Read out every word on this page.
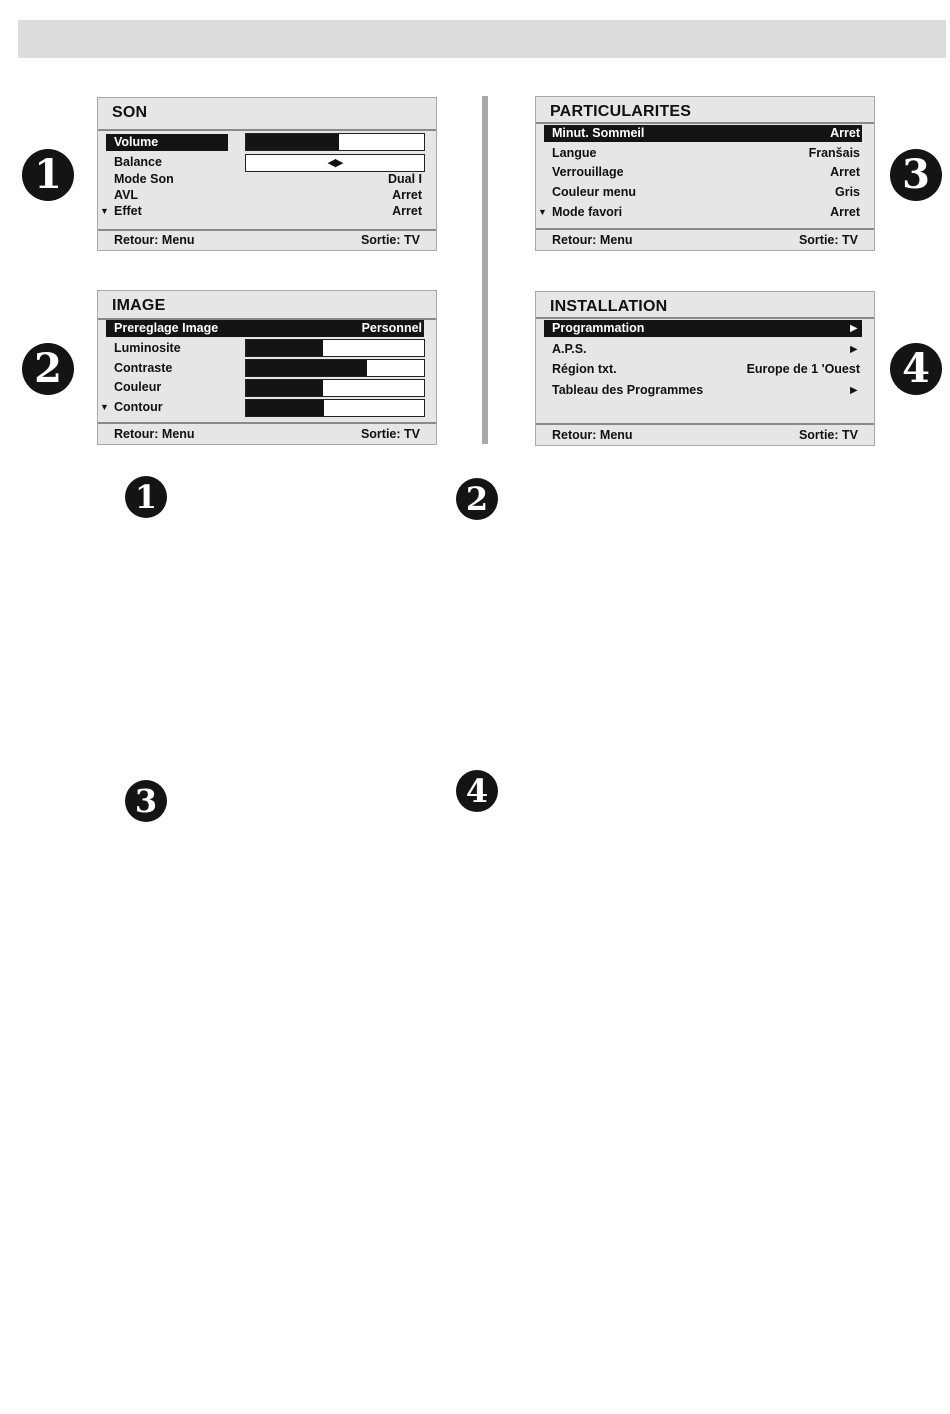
SON
Volume
Balance	◀▶
Mode Son	Dual I
AVL	Arret
▼ Effet	Arret
Retour: Menu	Sortie: TV
IMAGE
Prereglage Image	Personnel
Luminosite
Contraste
Couleur
▼ Contour
Retour: Menu	Sortie: TV
PARTICULARITES
Minut. Sommeil	Arret
Langue	Franšais
Verrouillage	Arret
Couleur menu	Gris
▼ Mode favori	Arret
Retour: Menu	Sortie: TV
INSTALLATION
Programmation	►
A.P.S.	►
Région txt.	Europe de 1 'Ouest
Tableau des Programmes	►
Retour: Menu	Sortie: TV
1
2
3
4
1	2
3	4
